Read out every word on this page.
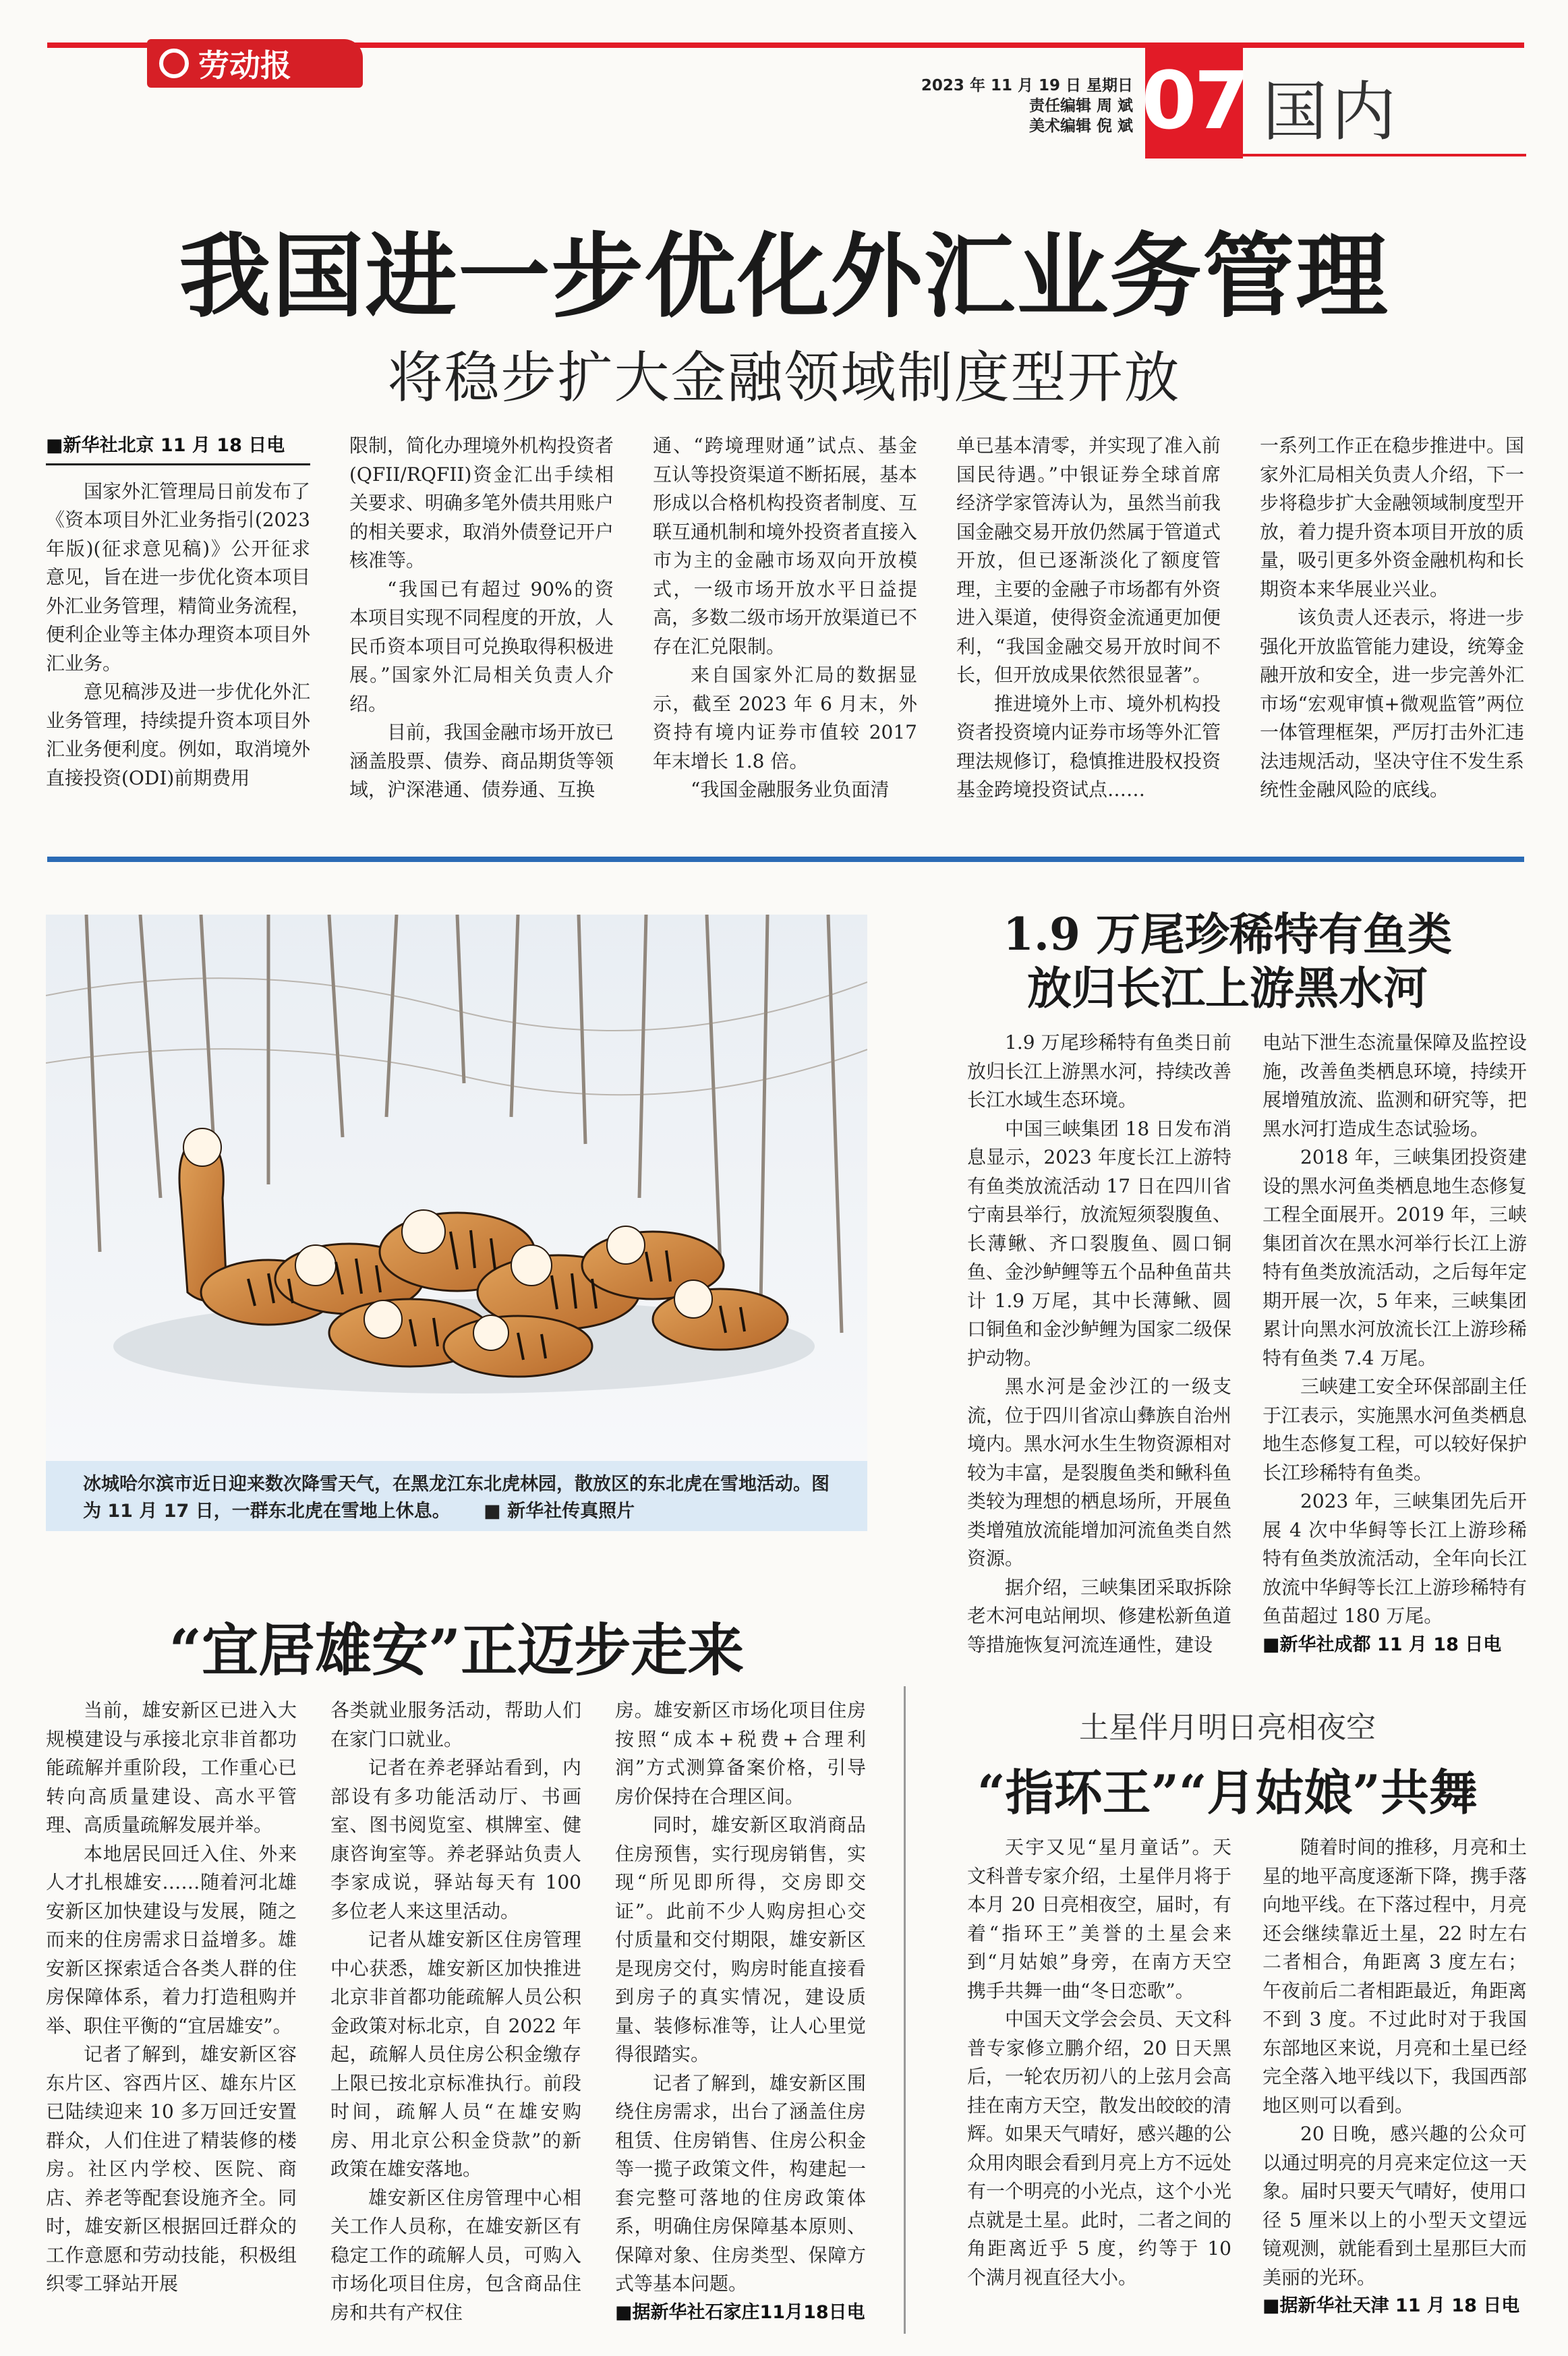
劳动报
2023 年 11 月 19 日 星期日
责任编辑 周 斌
美术编辑 倪 斌 07 国内
我国进一步优化外汇业务管理
将稳步扩大金融领域制度型开放
■新华社北京 11 月 18 日电

国家外汇管理局日前发布了《资本项目外汇业务指引(2023 年版)(征求意见稿)》公开征求意见，旨在进一步优化资本项目外汇业务管理，精简业务流程，便利企业等主体办理资本项目外汇业务。

意见稿涉及进一步优化外汇业务管理，持续提升资本项目外汇业务便利度。例如，取消境外直接投资(ODI)前期费用

限制，简化办理境外机构投资者(QFII/RQFII)资金汇出手续相关要求、明确多笔外债共用账户的相关要求，取消外债登记开户核准等。

“我国已有超过 90%的资本项目实现不同程度的开放，人民币资本项目可兑换取得积极进展。”国家外汇局相关负责人介绍。

目前，我国金融市场开放已涵盖股票、债券、商品期货等领域，沪深港通、债券通、互换

通、“跨境理财通”试点、基金互认等投资渠道不断拓展，基本形成以合格机构投资者制度、互联互通机制和境外投资者直接入市为主的金融市场双向开放模式，一级市场开放水平日益提高，多数二级市场开放渠道已不存在汇兑限制。

来自国家外汇局的数据显示，截至 2023 年 6 月末，外资持有境内证券市值较 2017 年末增长 1.8 倍。

“我国金融服务业负面清

单已基本清零，并实现了准入前国民待遇。”中银证券全球首席经济学家管涛认为，虽然当前我国金融交易开放仍然属于管道式开放，但已逐渐淡化了额度管理，主要的金融子市场都有外资进入渠道，使得资金流通更加便利，“我国金融交易开放时间不长，但开放成果依然很显著”。

推进境外上市、境外机构投资者投资境内证券市场等外汇管理法规修订，稳慎推进股权投资基金跨境投资试点……

一系列工作正在稳步推进中。国家外汇局相关负责人介绍，下一步将稳步扩大金融领域制度型开放，着力提升资本项目开放的质量，吸引更多外资金融机构和长期资本来华展业兴业。

该负责人还表示，将进一步强化开放监管能力建设，统筹金融开放和安全，进一步完善外汇市场“宏观审慎+微观监管”两位一体管理框架，严厉打击外汇违法违规活动，坚决守住不发生系统性金融风险的底线。

冰城哈尔滨市近日迎来数次降雪天气，在黑龙江东北虎林园，散放区的东北虎在雪地活动。图为 11 月 17 日，一群东北虎在雪地上休息。 ■ 新华社传真照片
1.9 万尾珍稀特有鱼类
放归长江上游黑水河

1.9 万尾珍稀特有鱼类日前放归长江上游黑水河，持续改善长江水域生态环境。

中国三峡集团 18 日发布消息显示，2023 年度长江上游特有鱼类放流活动 17 日在四川省宁南县举行，放流短须裂腹鱼、长薄鳅、齐口裂腹鱼、圆口铜鱼、金沙鲈鲤等五个品种鱼苗共计 1.9 万尾，其中长薄鳅、圆口铜鱼和金沙鲈鲤为国家二级保护动物。

黑水河是金沙江的一级支流，位于四川省凉山彝族自治州境内。黑水河水生生物资源相对较为丰富，是裂腹鱼类和鳅科鱼类较为理想的栖息场所，开展鱼类增殖放流能增加河流鱼类自然资源。

据介绍，三峡集团采取拆除老木河电站闸坝、修建松新鱼道等措施恢复河流连通性，建设

电站下泄生态流量保障及监控设施，改善鱼类栖息环境，持续开展增殖放流、监测和研究等，把黑水河打造成生态试验场。

2018 年，三峡集团投资建设的黑水河鱼类栖息地生态修复工程全面展开。2019 年，三峡集团首次在黑水河举行长江上游特有鱼类放流活动，之后每年定期开展一次，5 年来，三峡集团累计向黑水河放流长江上游珍稀特有鱼类 7.4 万尾。

三峡建工安全环保部副主任于江表示，实施黑水河鱼类栖息地生态修复工程，可以较好保护长江珍稀特有鱼类。

2023 年，三峡集团先后开展 4 次中华鲟等长江上游珍稀特有鱼类放流活动，全年向长江放流中华鲟等长江上游珍稀特有鱼苗超过 180 万尾。

■新华社成都 11 月 18 日电
“宜居雄安”正迈步走来

当前，雄安新区已进入大规模建设与承接北京非首都功能疏解并重阶段，工作重心已转向高质量建设、高水平管理、高质量疏解发展并举。

本地居民回迁入住、外来人才扎根雄安……随着河北雄安新区加快建设与发展，随之而来的住房需求日益增多。雄安新区探索适合各类人群的住房保障体系，着力打造租购并举、职住平衡的“宜居雄安”。

记者了解到，雄安新区容东片区、容西片区、雄东片区已陆续迎来 10 多万回迁安置群众，人们住进了精装修的楼房。社区内学校、医院、商店、养老等配套设施齐全。同时，雄安新区根据回迁群众的工作意愿和劳动技能，积极组织零工驿站开展

各类就业服务活动，帮助人们在家门口就业。

记者在养老驿站看到，内部设有多功能活动厅、书画室、图书阅览室、棋牌室、健康咨询室等。养老驿站负责人李家成说，驿站每天有 100 多位老人来这里活动。

记者从雄安新区住房管理中心获悉，雄安新区加快推进北京非首都功能疏解人员公积金政策对标北京，自 2022 年起，疏解人员住房公积金缴存上限已按北京标准执行。前段时间，疏解人员“在雄安购房、用北京公积金贷款”的新政策在雄安落地。

雄安新区住房管理中心相关工作人员称，在雄安新区有稳定工作的疏解人员，可购入市场化项目住房，包含商品住房和共有产权住

房。雄安新区市场化项目住房按照“成本+税费+合理利润”方式测算备案价格，引导房价保持在合理区间。

同时，雄安新区取消商品住房预售，实行现房销售，实现“所见即所得，交房即交证”。此前不少人购房担心交付质量和交付期限，雄安新区是现房交付，购房时能直接看到房子的真实情况，建设质量、装修标准等，让人心里觉得很踏实。

记者了解到，雄安新区围绕住房需求，出台了涵盖住房租赁、住房销售、住房公积金等一揽子政策文件，构建起一套完整可落地的住房政策体系，明确住房保障基本原则、保障对象、住房类型、保障方式等基本问题。

■据新华社石家庄11月18日电
土星伴月明日亮相夜空
“指环王”“月姑娘”共舞

天宇又见“星月童话”。天文科普专家介绍，土星伴月将于本月 20 日亮相夜空，届时，有着“指环王”美誉的土星会来到“月姑娘”身旁，在南方天空携手共舞一曲“冬日恋歌”。

中国天文学会会员、天文科普专家修立鹏介绍，20 日天黑后，一轮农历初八的上弦月会高挂在南方天空，散发出皎皎的清辉。如果天气晴好，感兴趣的公众用肉眼会看到月亮上方不远处有一个明亮的小光点，这个小光点就是土星。此时，二者之间的角距离近乎 5 度，约等于 10 个满月视直径大小。

随着时间的推移，月亮和土星的地平高度逐渐下降，携手落向地平线。在下落过程中，月亮还会继续靠近土星，22 时左右二者相合，角距离 3 度左右；午夜前后二者相距最近，角距离不到 3 度。不过此时对于我国东部地区来说，月亮和土星已经完全落入地平线以下，我国西部地区则可以看到。

20 日晚，感兴趣的公众可以通过明亮的月亮来定位这一天象。届时只要天气晴好，使用口径 5 厘米以上的小型天文望远镜观测，就能看到土星那巨大而美丽的光环。

■据新华社天津 11 月 18 日电
